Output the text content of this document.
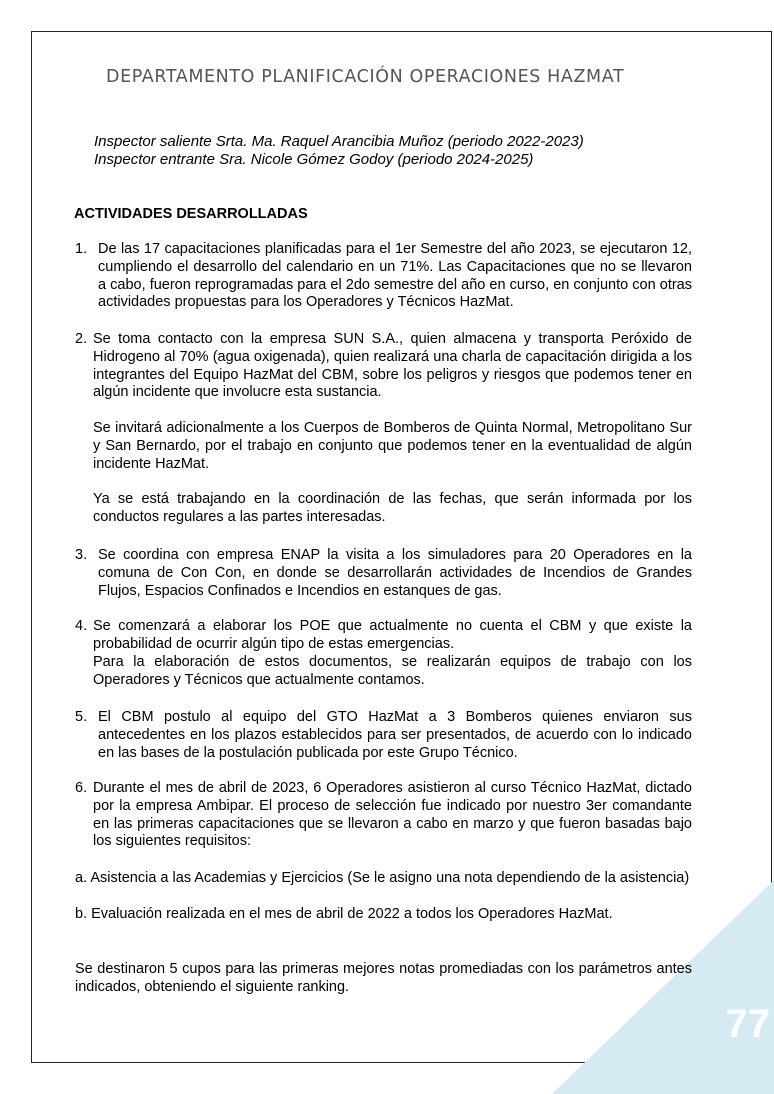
77
DEPARTAMENTO PLANIFICACIÓN OPERACIONES HAZMAT
Inspector saliente Srta. Ma. Raquel Arancibia Muñoz (periodo 2022-2023)
Inspector entrante Sra. Nicole Gómez Godoy (periodo 2024-2025)
ACTIVIDADES DESARROLLADAS
1. De las 17 capacitaciones planificadas para el 1er Semestre del año 2023, se ejecutaron 12, cumpliendo el desarrollo del calendario en un 71%. Las Capacitaciones que no se llevaron a cabo, fueron reprogramadas para el 2do semestre del año en curso, en conjunto con otras actividades propuestas para los Operadores y Técnicos HazMat.
2. Se toma contacto con la empresa SUN S.A., quien almacena y transporta Peróxido de Hidrogeno al 70% (agua oxigenada), quien realizará una charla de capacitación dirigida a los integrantes del Equipo HazMat del CBM, sobre los peligros y riesgos que podemos tener en algún incidente que involucre esta sustancia.
Se invitará adicionalmente a los Cuerpos de Bomberos de Quinta Normal, Metropolitano Sur y San Bernardo, por el trabajo en conjunto que podemos tener en la eventualidad de algún incidente HazMat.
Ya se está trabajando en la coordinación de las fechas, que serán informada por los conductos regulares a las partes interesadas.
3. Se coordina con empresa ENAP la visita a los simuladores para 20 Operadores en la comuna de Con Con, en donde se desarrollarán actividades de Incendios de Grandes Flujos, Espacios Confinados e Incendios en estanques de gas.
4. Se comenzará a elaborar los POE que actualmente no cuenta el CBM y que existe la probabilidad de ocurrir algún tipo de estas emergencias.
Para la elaboración de estos documentos, se realizarán equipos de trabajo con los Operadores y Técnicos que actualmente contamos.
5. El CBM postulo al equipo del GTO HazMat a 3 Bomberos quienes enviaron sus antecedentes en los plazos establecidos para ser presentados, de acuerdo con lo indicado en las bases de la postulación publicada por este Grupo Técnico.
6. Durante el mes de abril de 2023, 6 Operadores asistieron al curso Técnico HazMat, dictado por la empresa Ambipar. El proceso de selección fue indicado por nuestro 3er comandante en las primeras capacitaciones que se llevaron a cabo en marzo y que fueron basadas bajo los siguientes requisitos:
a. Asistencia a las Academias y Ejercicios (Se le asigno una nota dependiendo de la asistencia)
b. Evaluación realizada en el mes de abril de 2022 a todos los Operadores HazMat.
Se destinaron 5 cupos para las primeras mejores notas promediadas con los parámetros antes indicados, obteniendo el siguiente ranking.
